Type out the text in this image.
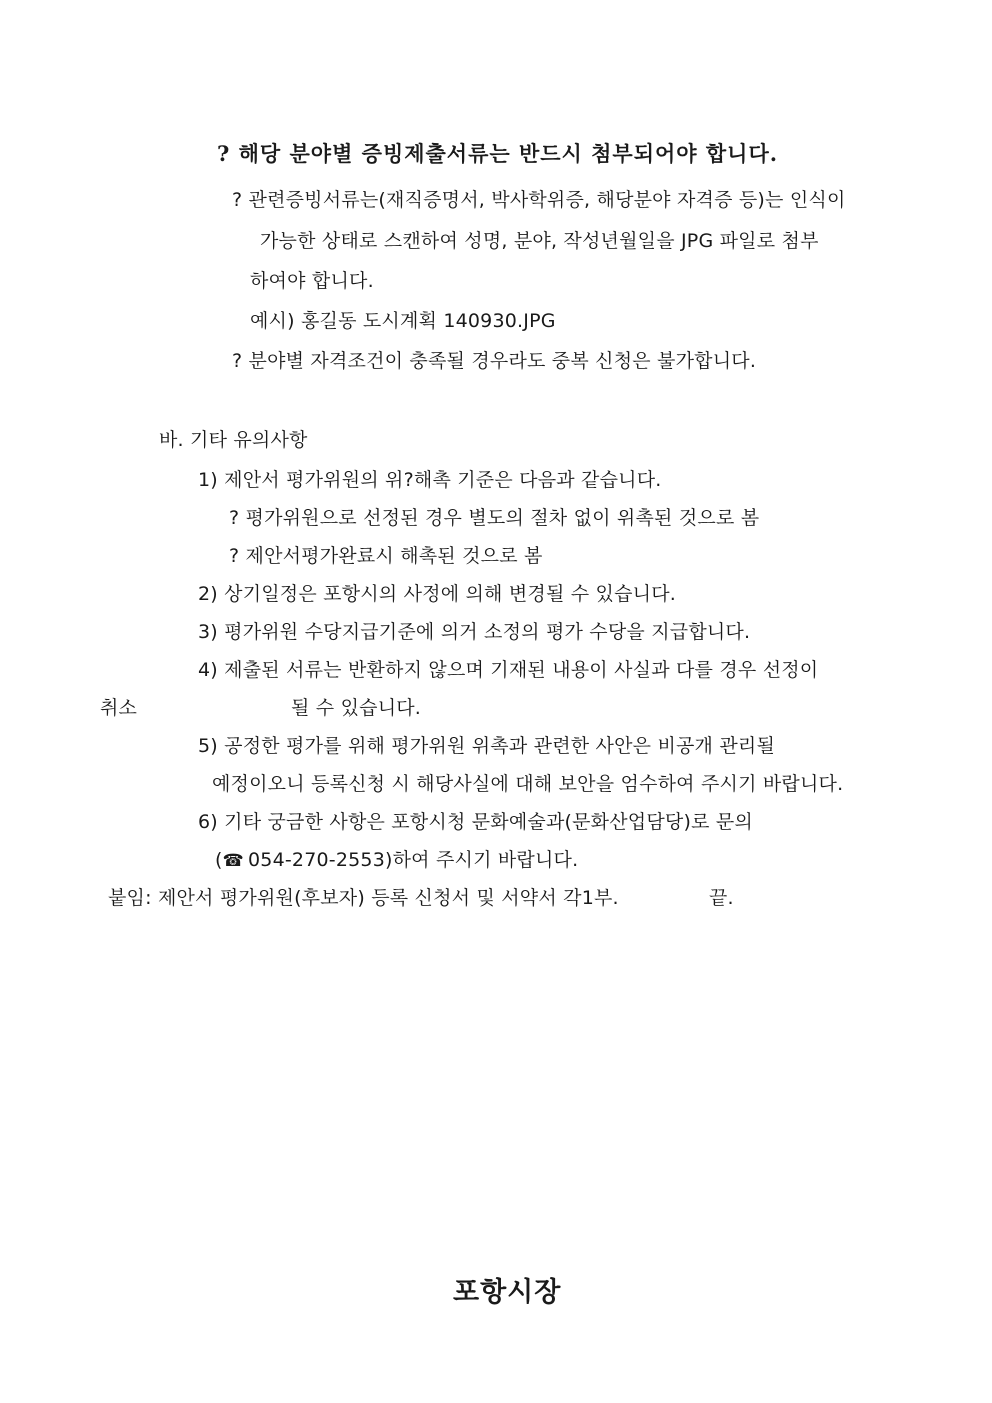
? 해당 분야별 증빙제출서류는 반드시 첨부되어야 합니다.
? 관련증빙서류는(재직증명서, 박사학위증, 해당분야 자격증 등)는 인식이
가능한 상태로 스캔하여 성명, 분야, 작성년월일을 JPG 파일로 첨부
하여야 합니다.
예시) 홍길동 도시계획 140930.JPG
? 분야별 자격조건이 충족될 경우라도 중복 신청은 불가합니다.
바. 기타 유의사항
1) 제안서 평가위원의 위?해촉 기준은 다음과 같습니다.
? 평가위원으로 선정된 경우 별도의 절차 없이 위촉된 것으로 봄
? 제안서평가완료시 해촉된 것으로 봄
2) 상기일정은 포항시의 사정에 의해 변경될 수 있습니다.
3) 평가위원 수당지급기준에 의거 소정의 평가 수당을 지급합니다.
4) 제출된 서류는 반환하지 않으며 기재된 내용이 사실과 다를 경우 선정이
취소	될 수 있습니다.
5) 공정한 평가를 위해 평가위원 위촉과 관련한 사안은 비공개 관리될
예정이오니 등록신청 시 해당사실에 대해 보안을 엄수하여 주시기 바랍니다.
6) 기타 궁금한 사항은 포항시청 문화예술과(문화산업담당)로 문의
(☎ 054-270-2553)하여 주시기 바랍니다.
붙임: 제안서 평가위원(후보자) 등록 신청서 및 서약서 각1부.	끝.
포항시장
